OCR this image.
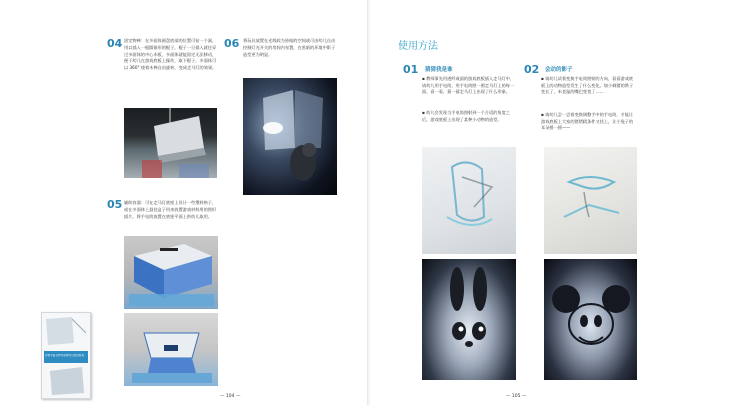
04 固定物棒：在多面体画盘底部的位置可钻一个洞，用以插入一根圆锥形的棍子，棍子一旦插入就住穿过多面体的中心木板，多面体就能固定无法移动，便于幼儿在游戏底板上操作，取下棍子，多面体可以 360° 绕着木棒自由旋转，变成走马灯的效果。
06 将玩具放置在光线较为昏暗的空间或可由幼儿自由控制灯光开关的房间内布置，在黑暗的环境中影子造型更为明显。
05 辅助容器：可在走马灯底座上设计一些塑料格子，或在多面体上悬挂盒子用来放置游戏材料用的图形插片。将手电筒放置在底座平面上供幼儿取用。
— 104 —
使用方法
01 猜猜我是谁
▪ 教师事先用透纤或面的游戏底板插入走马灯中，请幼儿用手电筒，用手电筒照一照走马灯上的每一面，看一看，猜一猜走马灯上出现了什么形象。
▪ 幼儿会发现当手电筒照射到一个合适的角度之后，游戏底板上出现了某种小动物的造型。
02 会动的影子
▪ 请幼儿试着变换手电筒照射的方向，看看游戏底板上的动物造型发生了什么变化。如小刺猬的鼻子变长了，米老鼠的嘴巴变宽了……
▪ 请幼儿尝一尝着变换调整手中的手电筒，才能让游戏底板上大家的猪猪精条件又找上，让小兔子的耳朵摇一摇——
— 105 —
资源丰富且材料易得幼儿园玩教具
